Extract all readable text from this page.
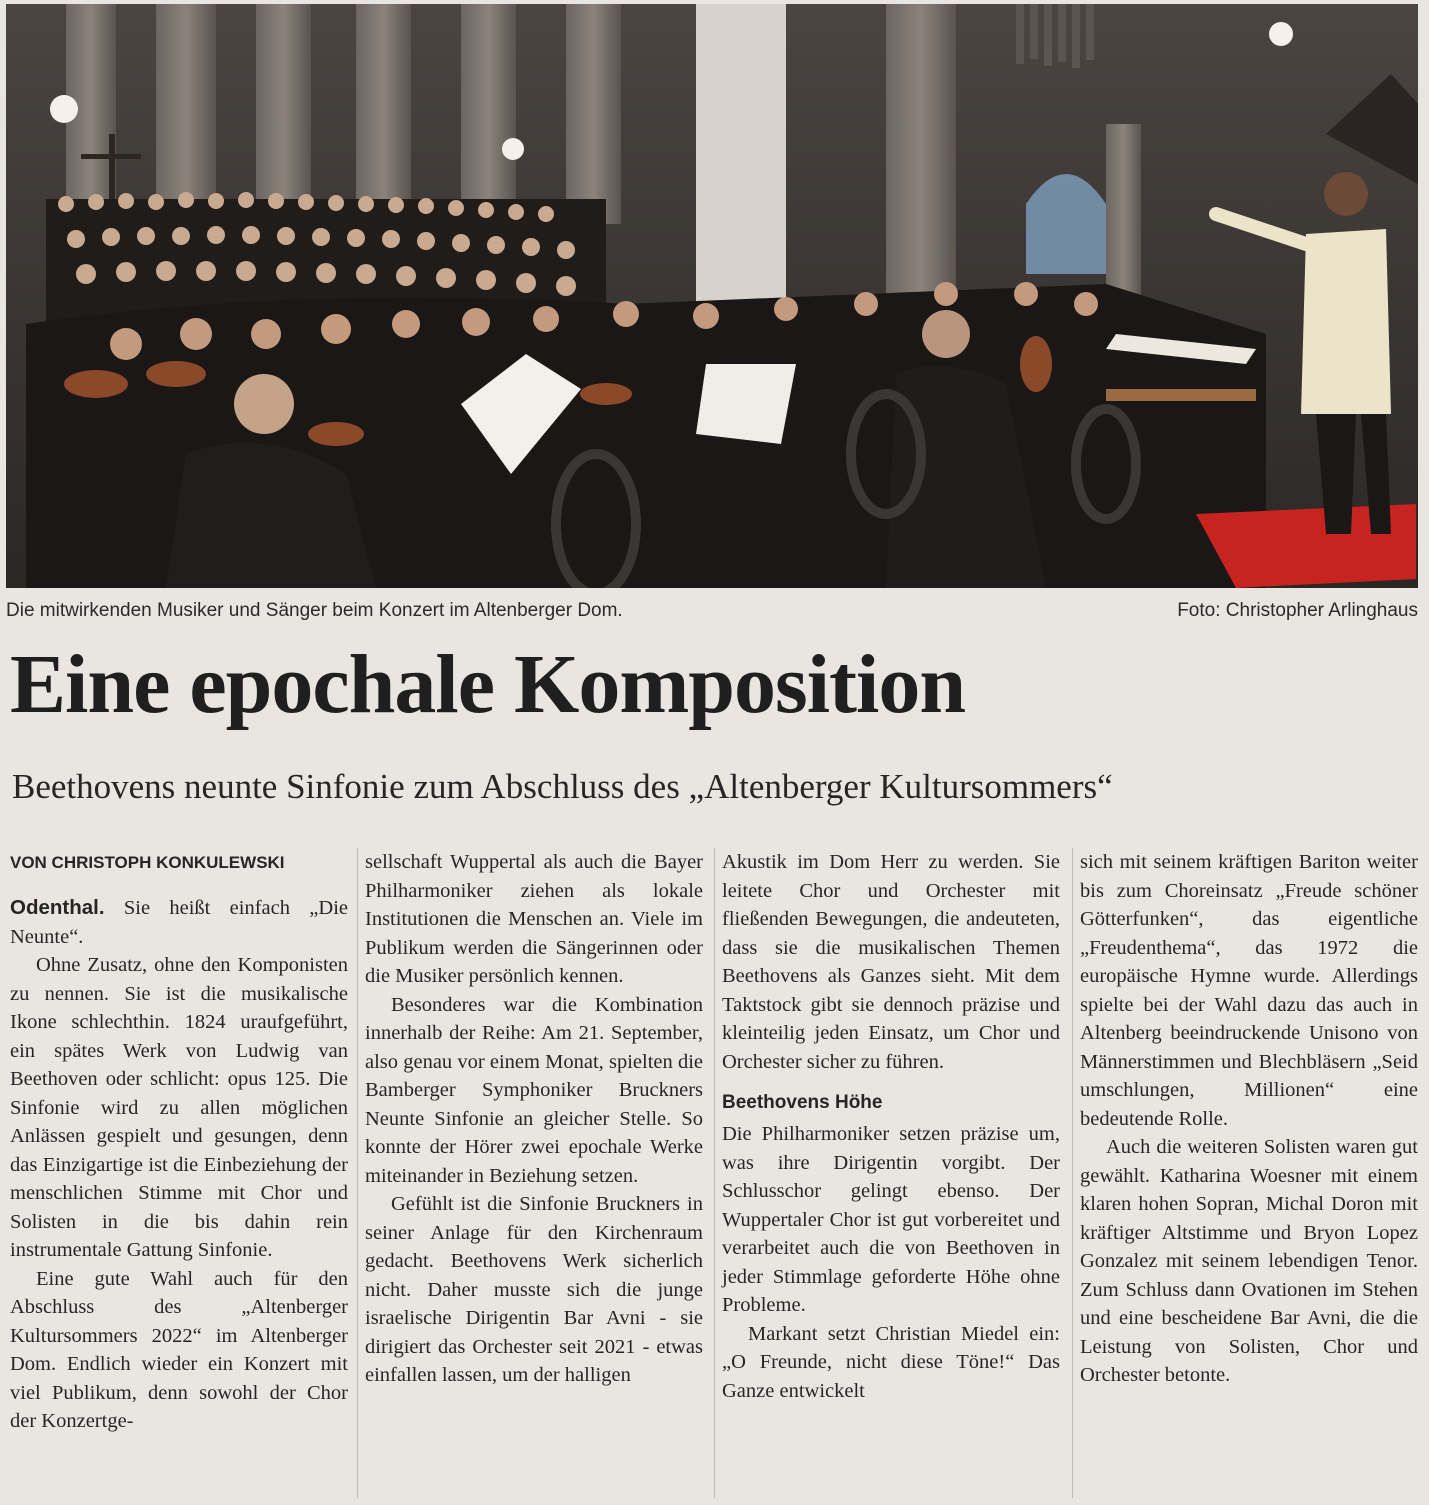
Die mitwirkenden Musiker und Sänger beim Konzert im Altenberger Dom.	Foto: Christopher Arlinghaus
Eine epochale Komposition
Beethovens neunte Sinfonie zum Abschluss des „Altenberger Kultursommers“

VON CHRISTOPH KONKULEWSKI

Odenthal. Sie heißt einfach „Die Neunte“.

Ohne Zusatz, ohne den Komponisten zu nennen. Sie ist die musikalische Ikone schlechthin. 1824 uraufgeführt, ein spätes Werk von Ludwig van Beethoven oder schlicht: opus 125. Die Sinfonie wird zu allen möglichen Anlässen gespielt und gesungen, denn das Einzigartige ist die Einbeziehung der menschlichen Stimme mit Chor und Solisten in die bis dahin rein instrumentale Gattung Sinfonie.

Eine gute Wahl auch für den Abschluss des „Altenberger Kultursommers 2022“ im Altenberger Dom. Endlich wieder ein Konzert mit viel Publikum, denn sowohl der Chor der Konzertge-

sellschaft Wuppertal als auch die Bayer Philharmoniker ziehen als lokale Institutionen die Menschen an. Viele im Publikum werden die Sängerinnen oder die Musiker persönlich kennen.

Besonderes war die Kombination innerhalb der Reihe: Am 21. September, also genau vor einem Monat, spielten die Bamberger Symphoniker Bruckners Neunte Sinfonie an gleicher Stelle. So konnte der Hörer zwei epochale Werke miteinander in Beziehung setzen.

Gefühlt ist die Sinfonie Bruckners in seiner Anlage für den Kirchenraum gedacht. Beethovens Werk sicherlich nicht. Daher musste sich die junge israelische Dirigentin Bar Avni - sie dirigiert das Orchester seit 2021 - etwas einfallen lassen, um der halligen

Akustik im Dom Herr zu werden. Sie leitete Chor und Orchester mit fließenden Bewegungen, die andeuteten, dass sie die musikalischen Themen Beethovens als Ganzes sieht. Mit dem Taktstock gibt sie dennoch präzise und kleinteilig jeden Einsatz, um Chor und Orchester sicher zu führen.

Beethovens Höhe

Die Philharmoniker setzen präzise um, was ihre Dirigentin vorgibt. Der Schlusschor gelingt ebenso. Der Wuppertaler Chor ist gut vorbereitet und verarbeitet auch die von Beethoven in jeder Stimmlage geforderte Höhe ohne Probleme.

Markant setzt Christian Miedel ein: „O Freunde, nicht diese Töne!“ Das Ganze entwickelt

sich mit seinem kräftigen Bariton weiter bis zum Choreinsatz „Freude schöner Götterfunken“, das eigentliche „Freudenthema“, das 1972 die europäische Hymne wurde. Allerdings spielte bei der Wahl dazu das auch in Altenberg beeindruckende Unisono von Männerstimmen und Blechbläsern „Seid umschlungen, Millionen“ eine bedeutende Rolle.

Auch die weiteren Solisten waren gut gewählt. Katharina Woesner mit einem klaren hohen Sopran, Michal Doron mit kräftiger Altstimme und Bryon Lopez Gonzalez mit seinem lebendigen Tenor. Zum Schluss dann Ovationen im Stehen und eine bescheidene Bar Avni, die die Leistung von Solisten, Chor und Orchester betonte.
